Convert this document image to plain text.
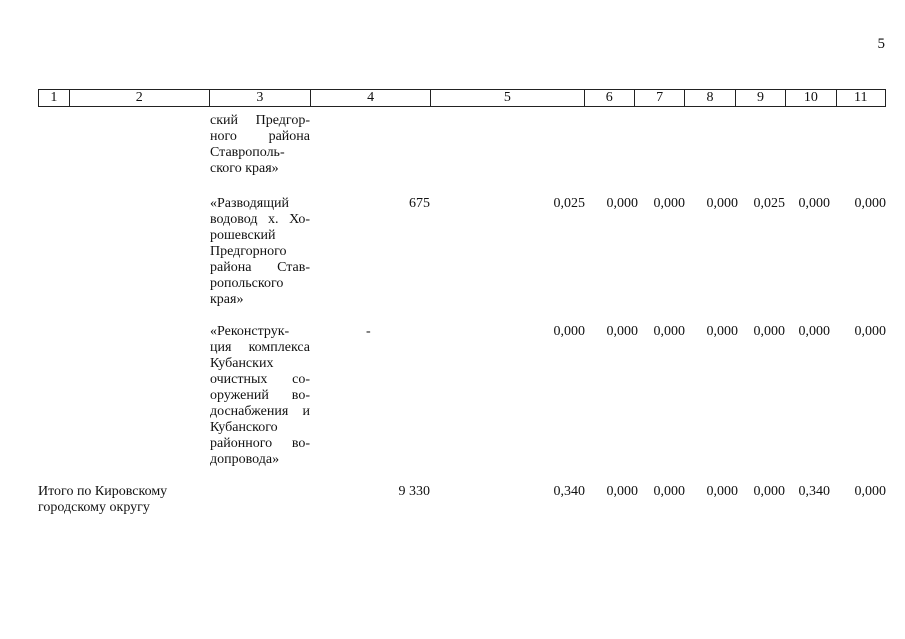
5
1	2	3	4	5	6	7	8	9	10	11
ский Предгор-
ного района
Ставрополь-
ского края»
«Разводящий
водовод х. Хо-
рошевский
Предгорного
района Став-
ропольского
края»
675	0,025	0,000	0,000	0,000	0,025 0,000	0,000
«Реконструк-
ция комплекса
Кубанских
очистных со-
оружений во-
доснабжения и
Кубанского
районного во-
допровода»
-	0,000	0,000	0,000	0,000	0,000 0,000	0,000
Итого по Кировскому
городскому округу
9 330	0,340	0,000	0,000	0,000	0,000 0,340	0,000
